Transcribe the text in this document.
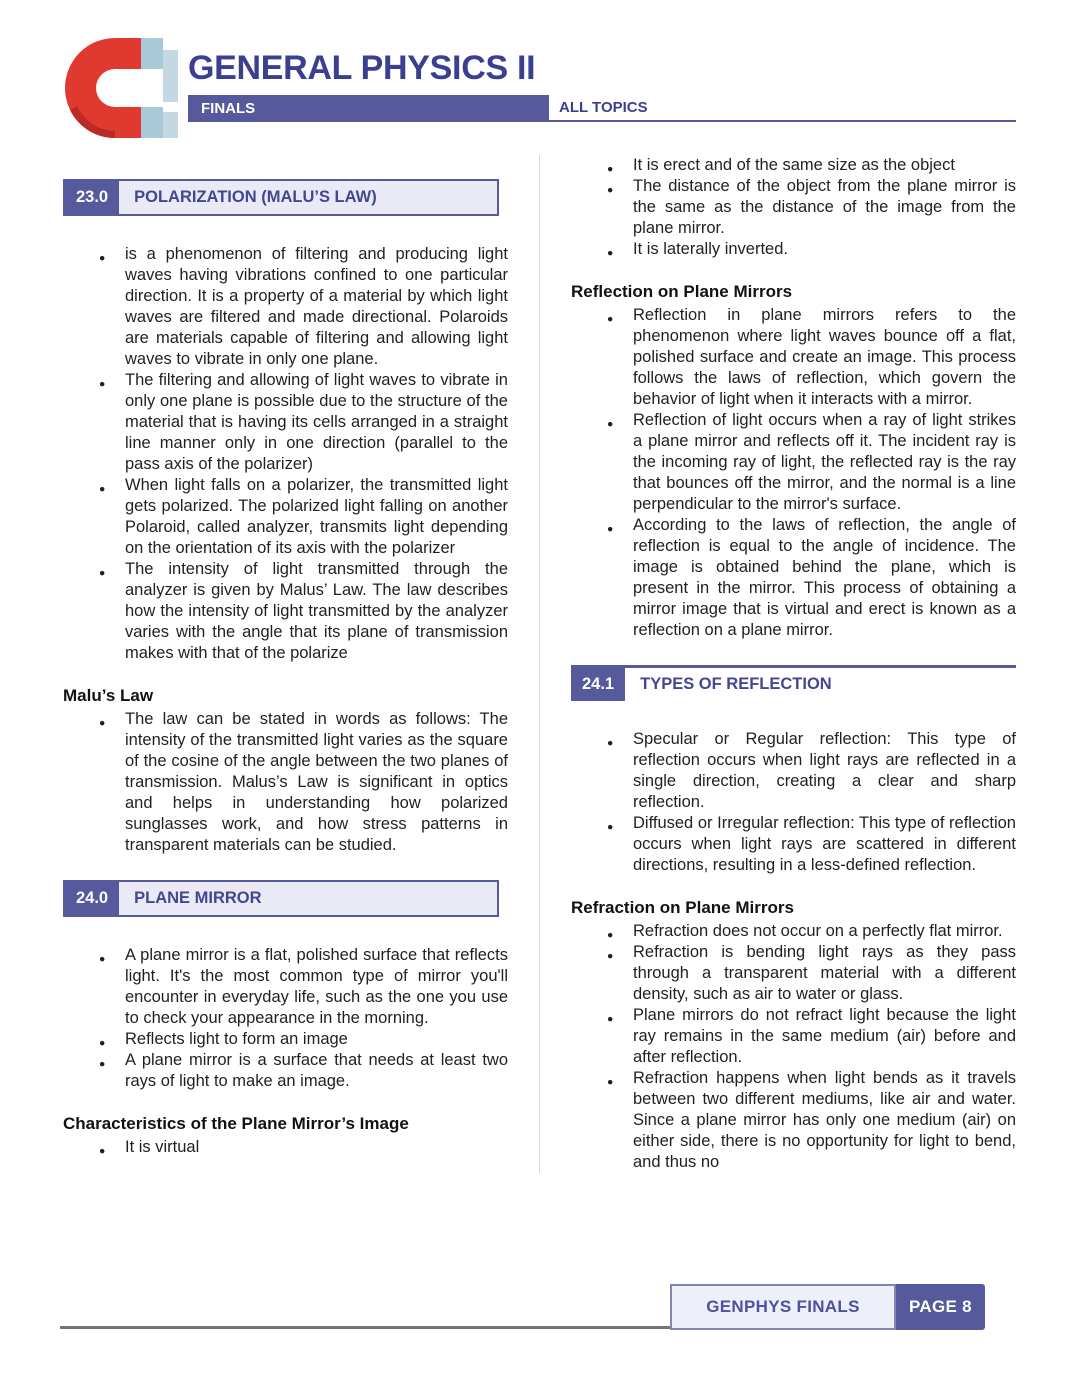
GENERAL PHYSICS II
FINALS	ALL TOPICS
23.0	POLARIZATION (MALU’S LAW)
● is a phenomenon of filtering and producing light waves having vibrations confined to one particular direction. It is a property of a material by which light waves are filtered and made directional. Polaroids are materials capable of filtering and allowing light waves to vibrate in only one plane.
● The filtering and allowing of light waves to vibrate in only one plane is possible due to the structure of the material that is having its cells arranged in a straight line manner only in one direction (parallel to the pass axis of the polarizer)
● When light falls on a polarizer, the transmitted light gets polarized. The polarized light falling on another Polaroid, called analyzer, transmits light depending on the orientation of its axis with the polarizer
● The intensity of light transmitted through the analyzer is given by Malus’ Law. The law describes how the intensity of light transmitted by the analyzer varies with the angle that its plane of transmission makes with that of the polarize
Malu’s Law
● The law can be stated in words as follows: The intensity of the transmitted light varies as the square of the cosine of the angle between the two planes of transmission. Malus’s Law is significant in optics and helps in understanding how polarized sunglasses work, and how stress patterns in transparent materials can be studied.
24.0	PLANE MIRROR
● A plane mirror is a flat, polished surface that reflects light. It's the most common type of mirror you'll encounter in everyday life, such as the one you use to check your appearance in the morning.
● Reflects light to form an image
● A plane mirror is a surface that needs at least two rays of light to make an image.
Characteristics of the Plane Mirror’s Image
● It is virtual
● It is erect and of the same size as the object
● The distance of the object from the plane mirror is the same as the distance of the image from the plane mirror.
● It is laterally inverted.
Reflection on Plane Mirrors
● Reflection in plane mirrors refers to the phenomenon where light waves bounce off a flat, polished surface and create an image. This process follows the laws of reflection, which govern the behavior of light when it interacts with a mirror.
● Reflection of light occurs when a ray of light strikes a plane mirror and reflects off it. The incident ray is the incoming ray of light, the reflected ray is the ray that bounces off the mirror, and the normal is a line perpendicular to the mirror's surface.
● According to the laws of reflection, the angle of reflection is equal to the angle of incidence. The image is obtained behind the plane, which is present in the mirror. This process of obtaining a mirror image that is virtual and erect is known as a reflection on a plane mirror.
24.1	TYPES OF REFLECTION
● Specular or Regular reflection: This type of reflection occurs when light rays are reflected in a single direction, creating a clear and sharp reflection.
● Diffused or Irregular reflection: This type of reflection occurs when light rays are scattered in different directions, resulting in a less-defined reflection.
Refraction on Plane Mirrors
● Refraction does not occur on a perfectly flat mirror.
● Refraction is bending light rays as they pass through a transparent material with a different density, such as air to water or glass.
● Plane mirrors do not refract light because the light ray remains in the same medium (air) before and after reflection.
● Refraction happens when light bends as it travels between two different mediums, like air and water. Since a plane mirror has only one medium (air) on either side, there is no opportunity for light to bend, and thus no
GENPHYS FINALS	PAGE 8
